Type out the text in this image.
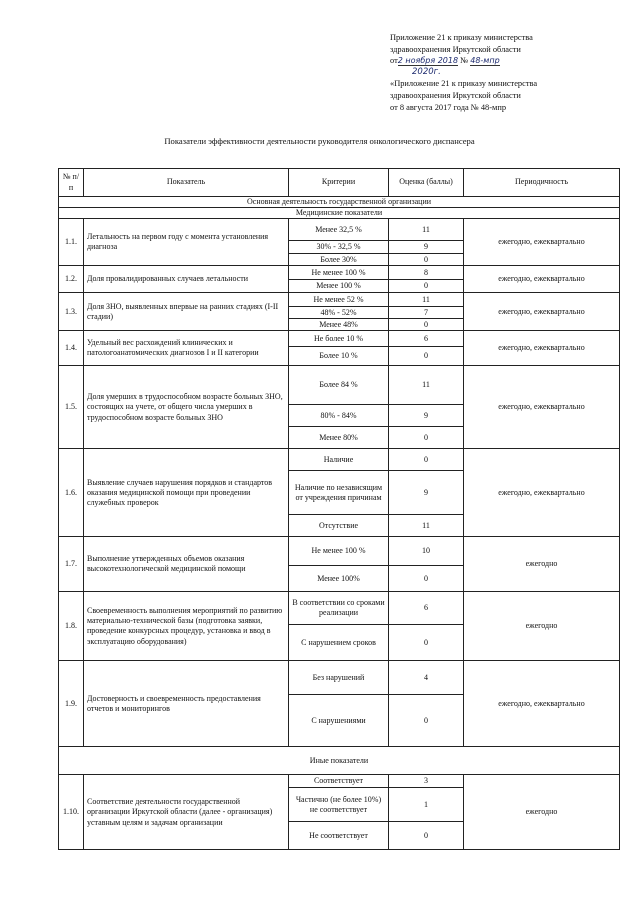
Приложение 21 к приказу министерства
здравоохранения Иркутской области
от2 ноября 2018 № 48-мпр
2020г.
«Приложение 21 к приказу министерства
здравоохранения Иркутской области
от 8 августа 2017 года № 48-мпр
Показатели эффективности деятельности руководителя онкологического диспансера
№ п/п	Показатель	Критерии	Оценка (баллы)	Периодичность
Основная деятельность государственной организации				
Медицинские показатели				
1.1.	Летальность на первом году с момента установления диагноза	Менее 32,5 %	11	ежегодно, ежеквартально
		30% - 32,5 %	9	
		Более 30%	0	
1.2.	Доля провалидированных случаев летальности	Не менее 100 %	8	ежегодно, ежеквартально
		Менее 100 %	0	
1.3.	Доля ЗНО, выявленных впервые на ранних стадиях (I-II стадии)	Не менее 52 %	11	ежегодно, ежеквартально
		48% - 52%	7	
		Менее 48%	0	
1.4.	Удельный вес расхождений клинических и патологоанатомических диагнозов I и II категории	Не более 10 %	6	ежегодно, ежеквартально
		Более 10 %	0	
1.5.	Доля умерших в трудоспособном возрасте больных ЗНО, состоящих на учете, от общего числа умерших в трудоспособном возрасте больных ЗНО	Более 84 %	11	ежегодно, ежеквартально
		80% - 84%	9	
		Менее 80%	0	
1.6.	Выявление случаев нарушения порядков и стандартов оказания медицинской помощи при проведении служебных проверок	Наличие	0	ежегодно, ежеквартально
		Наличие по независящим от учреждения причинам	9	
		Отсутствие	11	
1.7.	Выполнение утвержденных объемов оказания высокотехнологической медицинской помощи	Не менее 100 %	10	ежегодно
		Менее 100%	0	
1.8.	Своевременность выполнения мероприятий по развитию материально-технической базы (подготовка заявки, проведение конкурсных процедур, установка и ввод в эксплуатацию оборудования)	В соответствии со сроками реализации	6	ежегодно
		С нарушением сроков	0	
1.9.	Достоверность и своевременность предоставления отчетов и мониторингов	Без нарушений	4	ежегодно, ежеквартально
		С нарушениями	0	
Иные показатели				
1.10.	Соответствие деятельности государственной организации Иркутской области (далее - организация) уставным целям и задачам организации	Соответствует	3	ежегодно
		Частично (не более 10%) не соответствует	1	
		Не соответствует	0	
